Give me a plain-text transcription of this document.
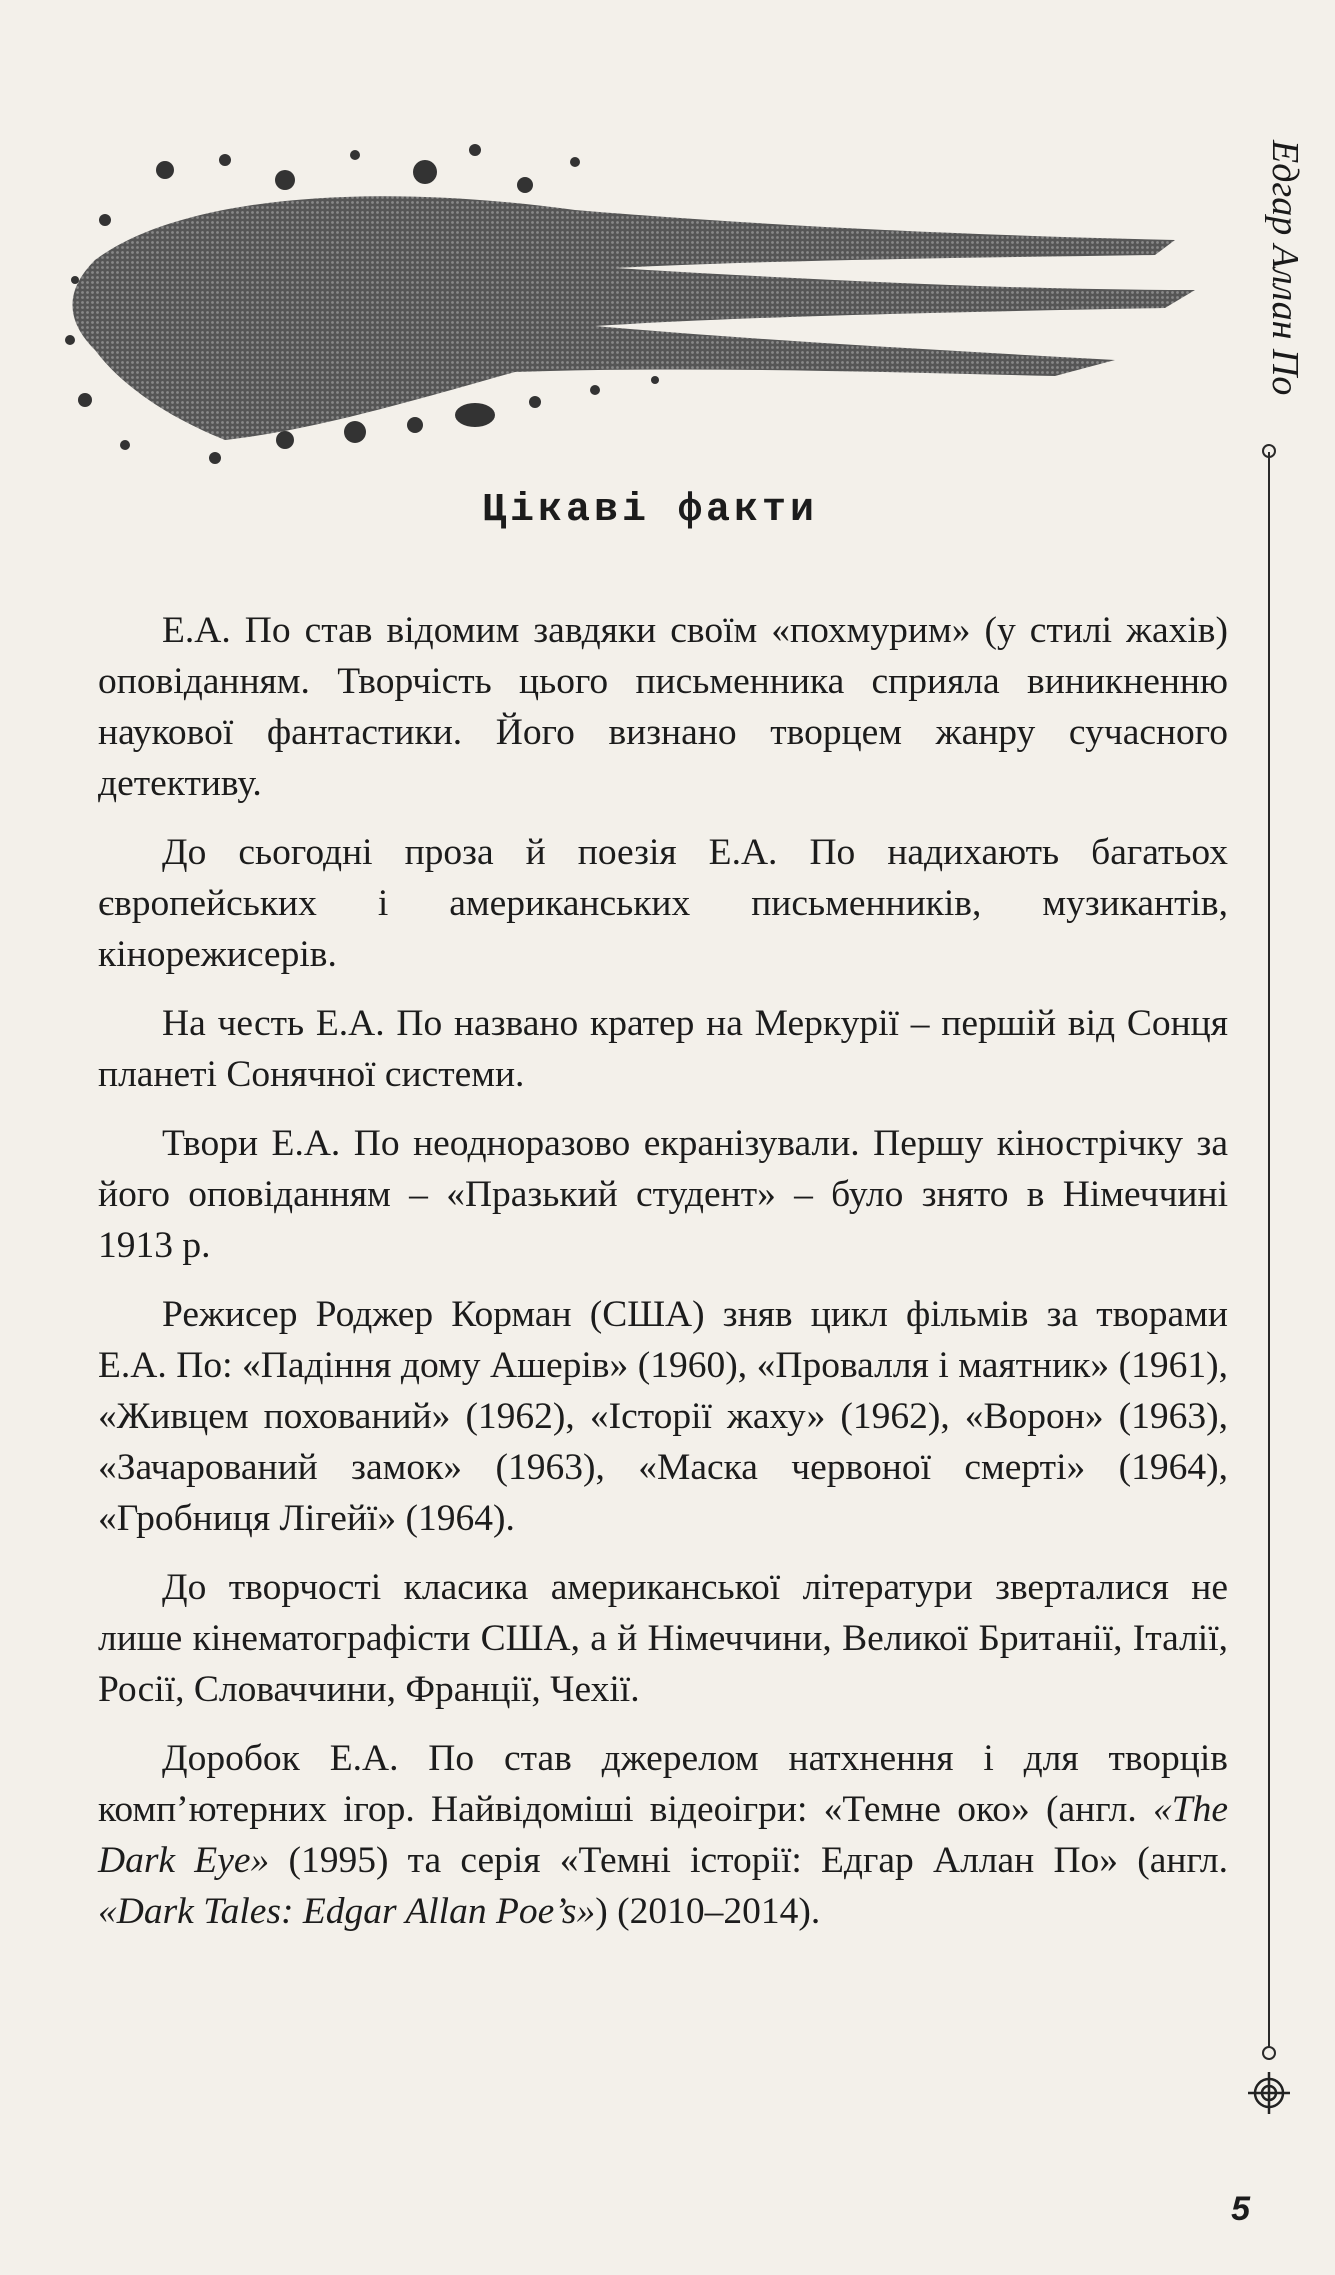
Едгар Аллан По
Цікаві факти

Е.А. По став відомим завдяки своїм «похмурим» (у стилі жахів) оповіданням. Творчість цього письменника сприяла виникненню наукової фантастики. Його визнано творцем жанру сучасного детективу.

До сьогодні проза й поезія Е.А. По надихають багатьох європейських і американських письменників, музикантів, кінорежисерів.

На честь Е.А. По названо кратер на Меркурії – першій від Сонця планеті Сонячної системи.

Твори Е.А. По неодноразово екранізували. Першу кінострічку за його оповіданням – «Празький студент» – було знято в Німеччині 1913 р.

Режисер Роджер Корман (США) зняв цикл фільмів за творами Е.А. По: «Падіння дому Ашерів» (1960), «Провалля і маятник» (1961), «Живцем похований» (1962), «Історії жаху» (1962), «Ворон» (1963), «Зачарований замок» (1963), «Маска червоної смерті» (1964), «Гробниця Лігейї» (1964).

До творчості класика американської літератури зверталися не лише кінематографісти США, а й Німеччини, Великої Британії, Італії, Росії, Словаччини, Франції, Чехії.

Доробок Е.А. По став джерелом натхнення і для творців комп’ютерних ігор. Найвідоміші відеоігри: «Темне око» (англ. «The Dark Eye» (1995) та серія «Темні історії: Едгар Аллан По» (англ. «Dark Tales: Edgar Allan Poe’s») (2010–2014).

5
